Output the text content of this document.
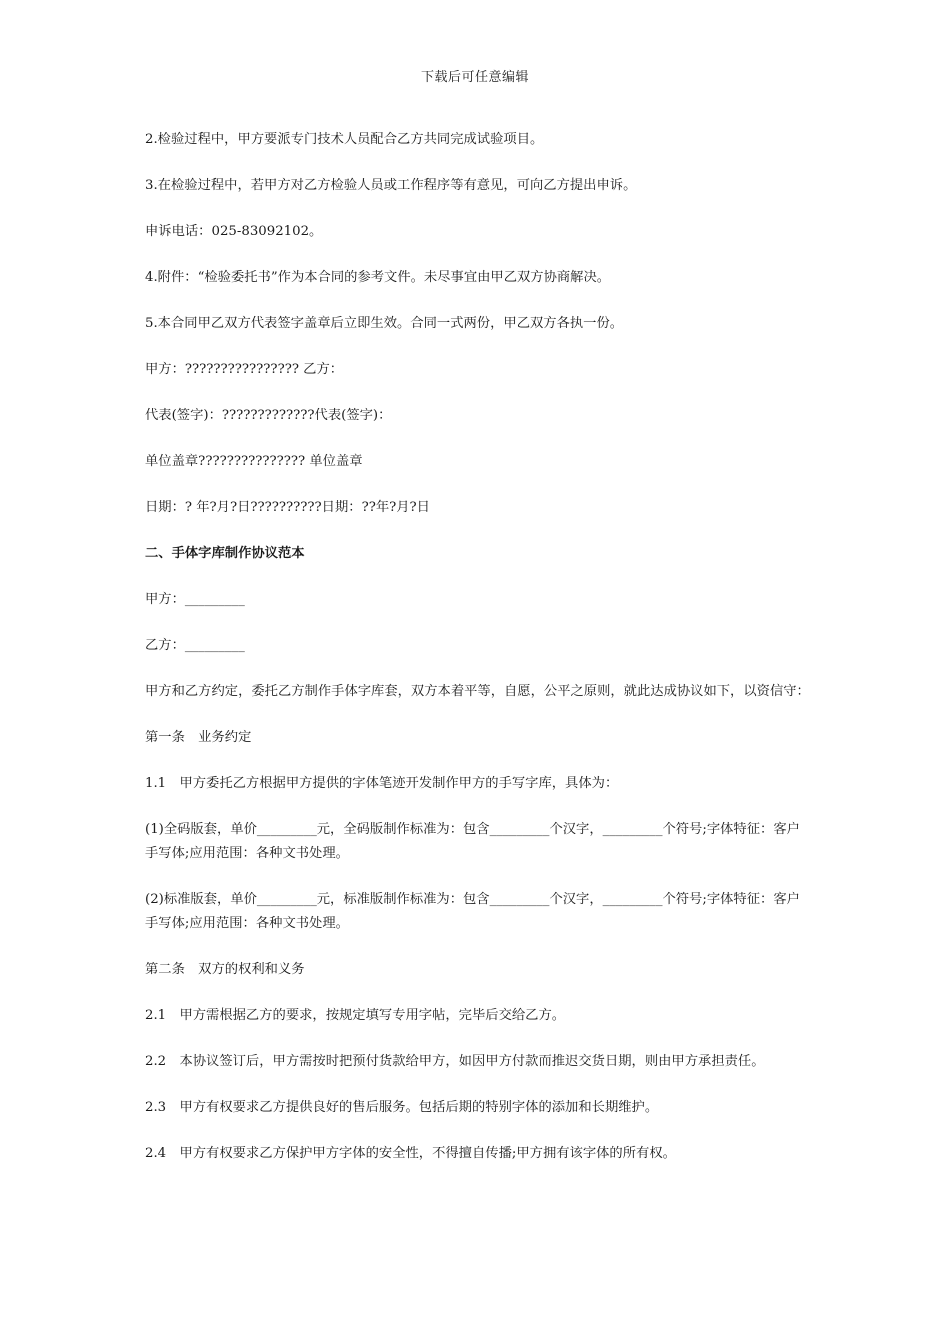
下载后可任意编辑

2.检验过程中，甲方要派专门技术人员配合乙方共同完成试验项目。

3.在检验过程中，若甲方对乙方检验人员或工作程序等有意见，可向乙方提出申诉。

申诉电话：025-83092102。

4.附件：“检验委托书”作为本合同的参考文件。未尽事宜由甲乙双方协商解决。

5.本合同甲乙双方代表签字盖章后立即生效。合同一式两份，甲乙双方各执一份。

甲方：???????????????? 乙方：

代表(签字)：?????????????代表(签字)：

单位盖章??????????????? 单位盖章

日期：? 年?月?日??????????日期：??年?月?日

二、手体字库制作协议范本

甲方：_________

乙方：_________

甲方和乙方约定，委托乙方制作手体字库套，双方本着平等，自愿，公平之原则，就此达成协议如下，以资信守：

第一条　业务约定

1.1　甲方委托乙方根据甲方提供的字体笔迹开发制作甲方的手写字库，具体为：

(1)全码版套，单价_________元，全码版制作标准为：包含_________个汉字，_________个符号;字体特征：客户手写体;应用范围：各种文书处理。

(2)标准版套，单价_________元，标准版制作标准为：包含_________个汉字，_________个符号;字体特征：客户手写体;应用范围：各种文书处理。

第二条　双方的权利和义务

2.1　甲方需根据乙方的要求，按规定填写专用字帖，完毕后交给乙方。

2.2　本协议签订后，甲方需按时把预付货款给甲方，如因甲方付款而推迟交货日期，则由甲方承担责任。

2.3　甲方有权要求乙方提供良好的售后服务。包括后期的特别字体的添加和长期维护。

2.4　甲方有权要求乙方保护甲方字体的安全性，不得擅自传播;甲方拥有该字体的所有权。
